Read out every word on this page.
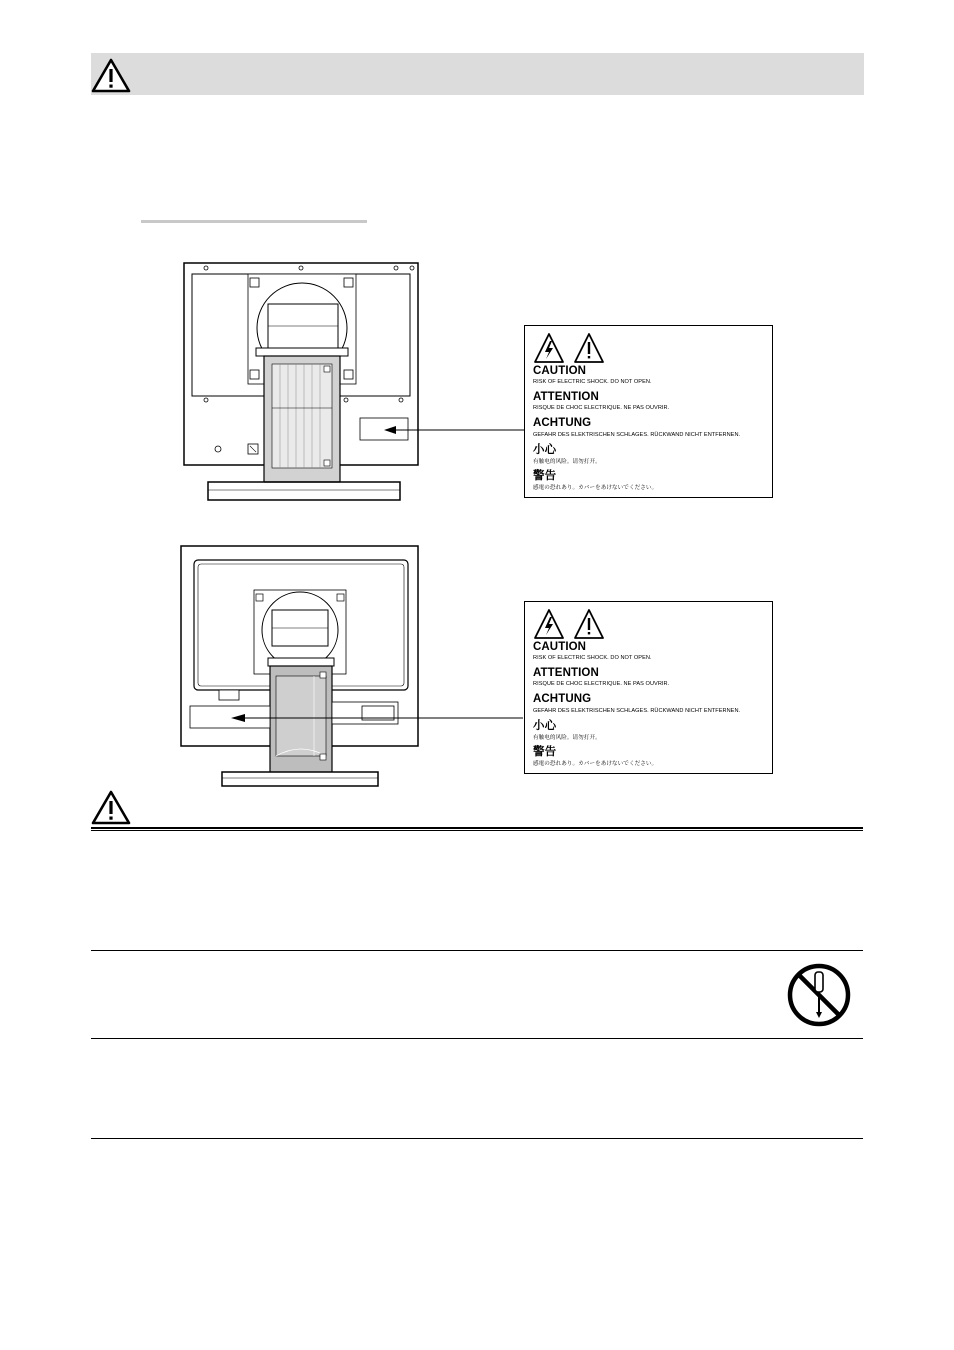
CAUTION
RISK OF ELECTRIC SHOCK. DO NOT OPEN.
ATTENTION
RISQUE DE CHOC ELECTRIQUE. NE PAS OUVRIR.
ACHTUNG
GEFAHR DES ELEKTRISCHEN SCHLAGES. RÜCKWAND NICHT ENTFERNEN.
小心
有触电的风险。请勿打开。
警告
感電の恐れあり。カバーをあけないでください。
CAUTION
RISK OF ELECTRIC SHOCK. DO NOT OPEN.
ATTENTION
RISQUE DE CHOC ELECTRIQUE. NE PAS OUVRIR.
ACHTUNG
GEFAHR DES ELEKTRISCHEN SCHLAGES. RÜCKWAND NICHT ENTFERNEN.
小心
有触电的风险。请勿打开。
警告
感電の恐れあり。カバーをあけないでください。
